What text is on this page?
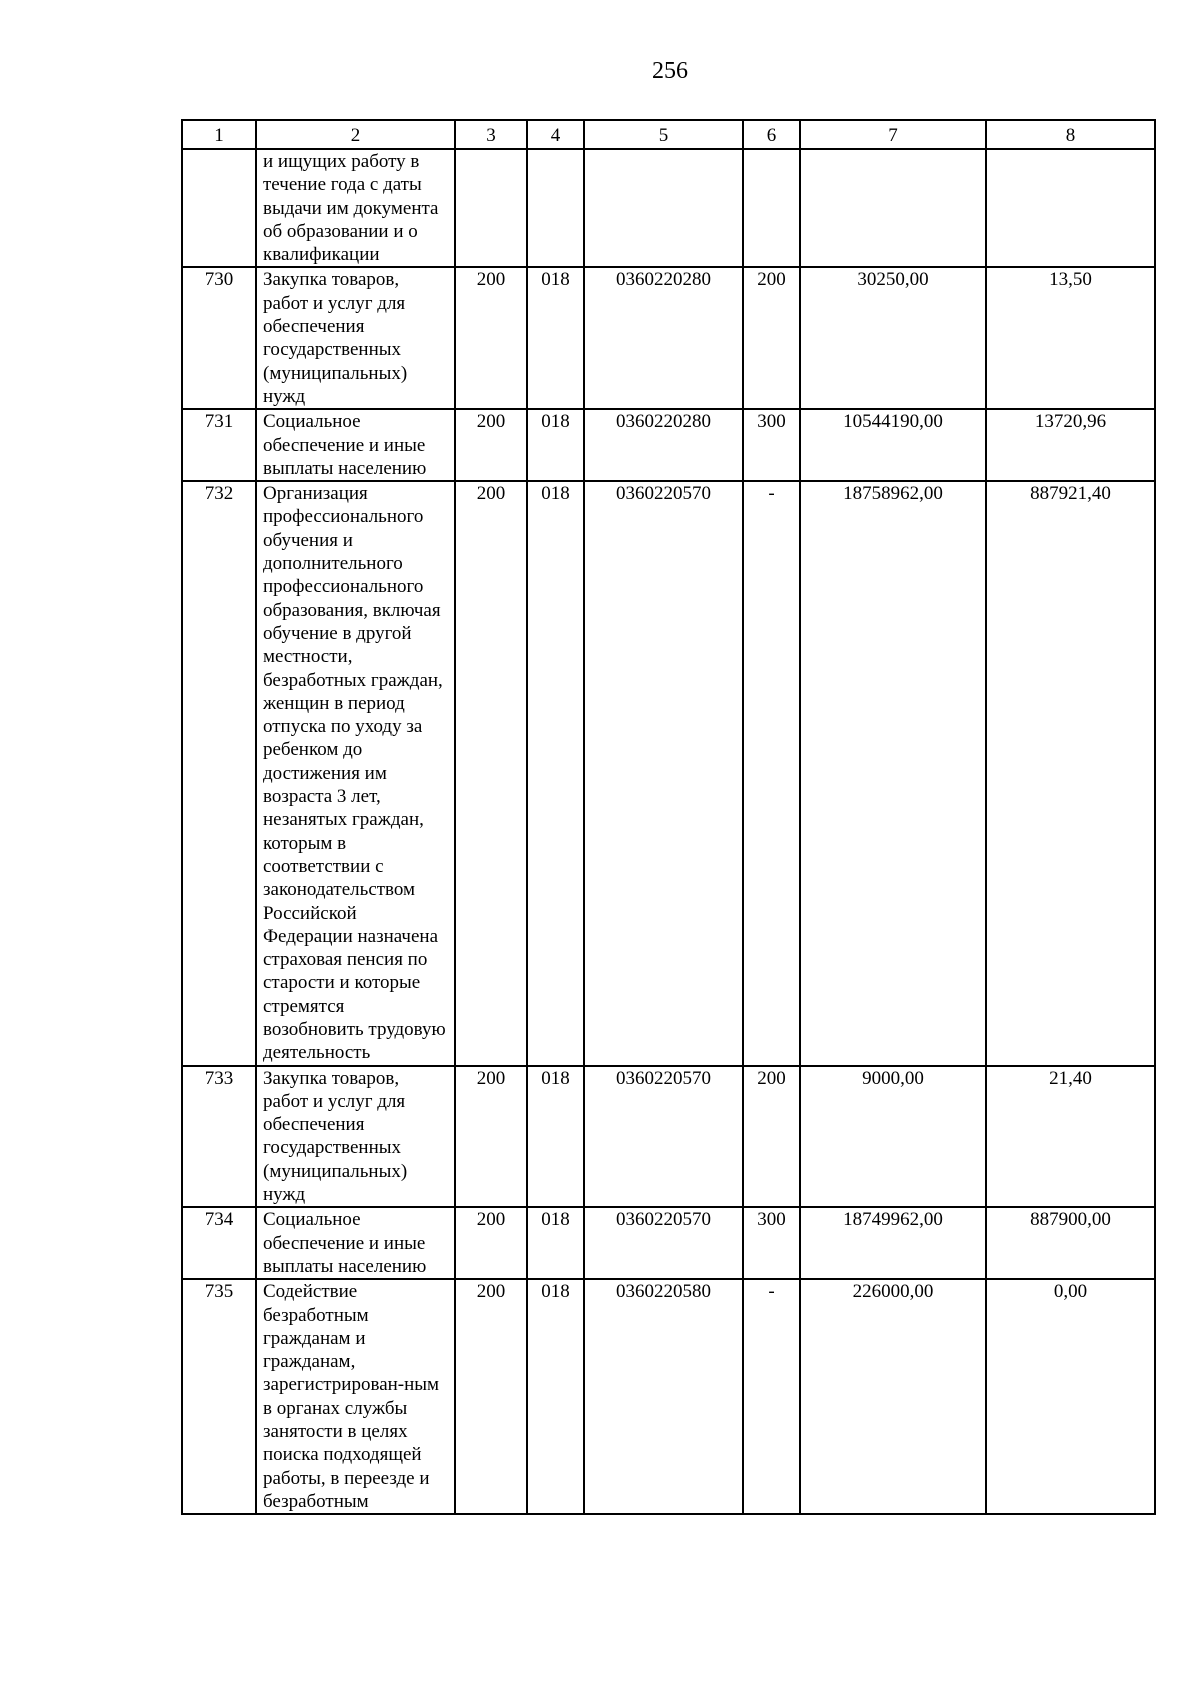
256
1	2	3	4	5	6	7	8
	и ищущих работу в течение года с даты выдачи им документа об образовании и о квалификации						
730	Закупка товаров, работ и услуг для обеспечения государственных (муниципальных) нужд	200	018	0360220280	200	30250,00	13,50
731	Социальное обеспечение и иные выплаты населению	200	018	0360220280	300	10544190,00	13720,96
732	Организация профессионального обучения и дополнительного профессионального образования, включая обучение в другой местности, безработных граждан, женщин в период отпуска по уходу за ребенком до достижения им возраста 3 лет, незанятых граждан, которым в соответствии с законодательством Российской Федерации назначена страховая пенсия по старости и которые стремятся возобновить трудовую деятельность	200	018	0360220570	-	18758962,00	887921,40
733	Закупка товаров, работ и услуг для обеспечения государственных (муниципальных) нужд	200	018	0360220570	200	9000,00	21,40
734	Социальное обеспечение и иные выплаты населению	200	018	0360220570	300	18749962,00	887900,00
735	Содействие безработным гражданам и гражданам, зарегистрирован-ным в органах службы занятости в целях поиска подходящей работы, в переезде и безработным	200	018	0360220580	-	226000,00	0,00
